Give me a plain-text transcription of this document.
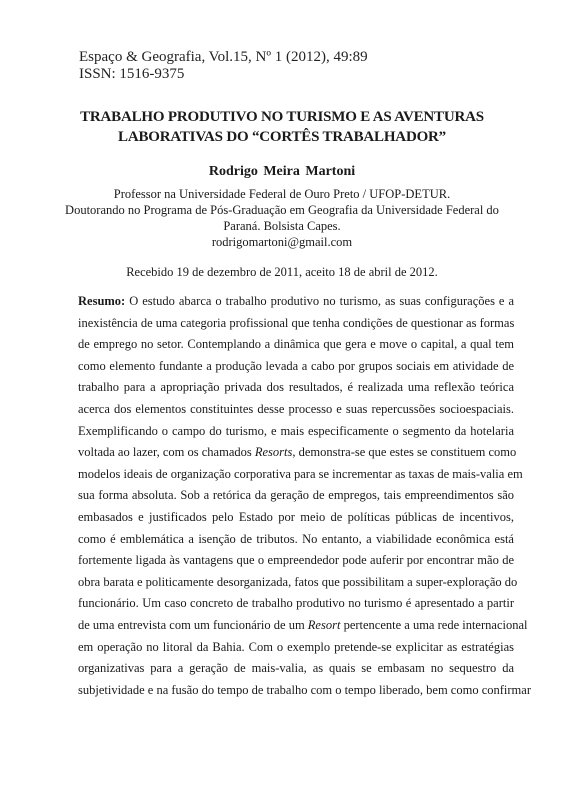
Espaço & Geografia, Vol.15, Nº 1 (2012), 49:89
ISSN: 1516-9375
TRABALHO PRODUTIVO NO TURISMO E AS AVENTURAS
LABORATIVAS DO “CORTÊS TRABALHADOR”
Rodrigo Meira Martoni
Professor na Universidade Federal de Ouro Preto / UFOP-DETUR.
Doutorando no Programa de Pós-Graduação em Geografia da Universidade Federal do
Paraná. Bolsista Capes.
rodrigomartoni@gmail.com
Recebido 19 de dezembro de 2011, aceito 18 de abril de 2012.
Resumo: O estudo abarca o trabalho produtivo no turismo, as suas configurações e a
inexistência de uma categoria profissional que tenha condições de questionar as formas
de emprego no setor. Contemplando a dinâmica que gera e move o capital, a qual tem
como elemento fundante a produção levada a cabo por grupos sociais em atividade de
trabalho para a apropriação privada dos resultados, é realizada uma reflexão teórica
acerca dos elementos constituintes desse processo e suas repercussões socioespaciais.
Exemplificando o campo do turismo, e mais especificamente o segmento da hotelaria
voltada ao lazer, com os chamados Resorts, demonstra-se que estes se constituem como
modelos ideais de organização corporativa para se incrementar as taxas de mais-valia em
sua forma absoluta. Sob a retórica da geração de empregos, tais empreendimentos são
embasados e justificados pelo Estado por meio de políticas públicas de incentivos,
como é emblemática a isenção de tributos. No entanto, a viabilidade econômica está
fortemente ligada às vantagens que o empreendedor pode auferir por encontrar mão de
obra barata e politicamente desorganizada, fatos que possibilitam a super-exploração do
funcionário. Um caso concreto de trabalho produtivo no turismo é apresentado a partir
de uma entrevista com um funcionário de um Resort pertencente a uma rede internacional
em operação no litoral da Bahia. Com o exemplo pretende-se explicitar as estratégias
organizativas para a geração de mais-valia, as quais se embasam no sequestro da
subjetividade e na fusão do tempo de trabalho com o tempo liberado, bem como confirmar
